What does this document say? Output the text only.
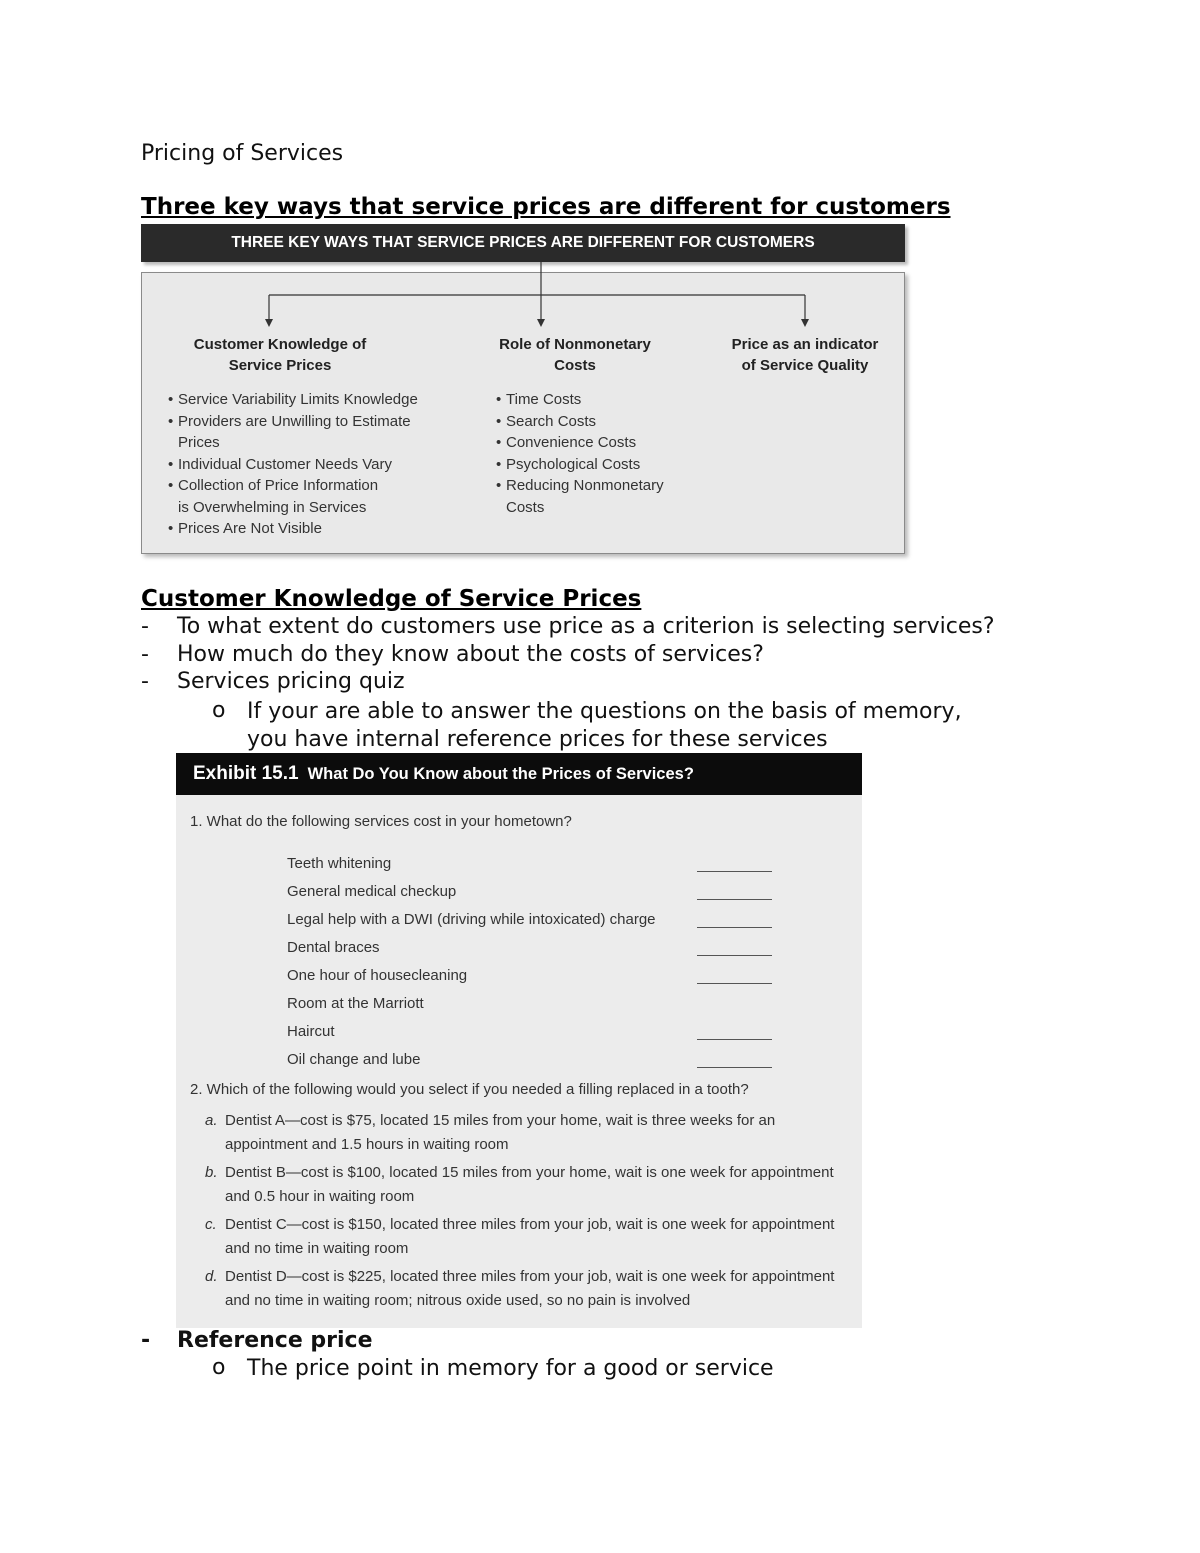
Pricing of Services
Three key ways that service prices are different for customers
THREE KEY WAYS THAT SERVICE PRICES ARE DIFFERENT FOR CUSTOMERS
Customer Knowledge of
Service Prices
• Service Variability Limits Knowledge
• Providers are Unwilling to Estimate
Prices
• Individual Customer Needs Vary
• Collection of Price Information
is Overwhelming in Services
• Prices Are Not Visible
Role of Nonmonetary
Costs
• Time Costs
• Search Costs
• Convenience Costs
• Psychological Costs
• Reducing Nonmonetary
Costs
Price as an indicator
of Service Quality
Customer Knowledge of Service Prices
-	To what extent do customers use price as a criterion is selecting services?
-	How much do they know about the costs of services?
-	Services pricing quiz
o If your are able to answer the questions on the basis of memory,
you have internal reference prices for these services
Exhibit 15.1 What Do You Know about the Prices of Services?
1. What do the following services cost in your hometown?
Teeth whitening
General medical checkup
Legal help with a DWI (driving while intoxicated) charge
Dental braces
One hour of housecleaning
Room at the Marriott
Haircut
Oil change and lube
2. Which of the following would you select if you needed a filling replaced in a tooth?
a. Dentist A—cost is $75, located 15 miles from your home, wait is three weeks for an appointment and 1.5 hours in waiting room
b. Dentist B—cost is $100, located 15 miles from your home, wait is one week for appointment and 0.5 hour in waiting room
c. Dentist C—cost is $150, located three miles from your job, wait is one week for appointment and no time in waiting room
d. Dentist D—cost is $225, located three miles from your job, wait is one week for appointment and no time in waiting room; nitrous oxide used, so no pain is involved
-	Reference price
o The price point in memory for a good or service
